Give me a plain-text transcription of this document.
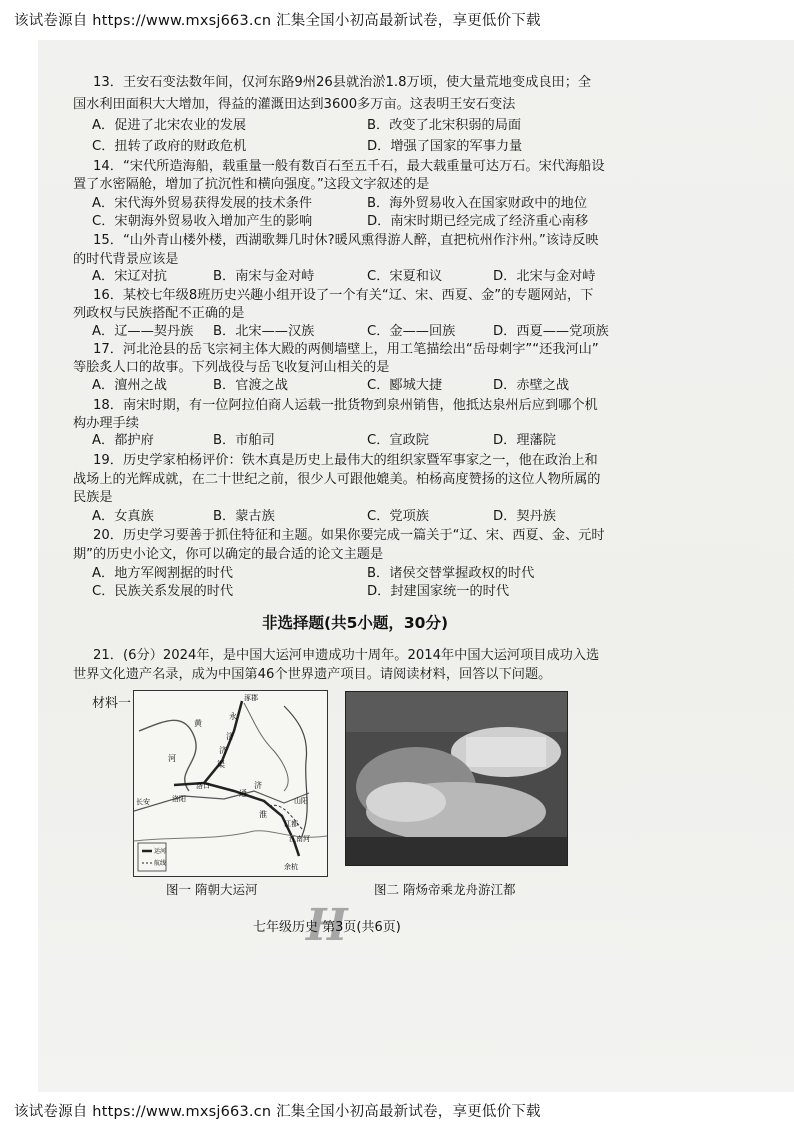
该试卷源自 https://www.mxsj663.cn 汇集全国小初高最新试卷，享更低价下载
13．王安石变法数年间，仅河东路9州26县就治淤1.8万顷，使大量荒地变成良田；全
国水利田面积大大增加，得益的灌溉田达到3600多万亩。这表明王安石变法
A．促进了北宋农业的发展	B．改变了北宋积弱的局面
C．扭转了政府的财政危机	D．增强了国家的军事力量
14．“宋代所造海船，载重量一般有数百石至五千石，最大载重量可达万石。宋代海船设
置了水密隔舱，增加了抗沉性和横向强度。”这段文字叙述的是
A．宋代海外贸易获得发展的技术条件	B．海外贸易收入在国家财政中的地位
C．宋朝海外贸易收入增加产生的影响	D．南宋时期已经完成了经济重心南移
15．“山外青山楼外楼，西湖歌舞几时休?暖风熏得游人醉，直把杭州作汴州。”该诗反映
的时代背景应该是
A．宋辽对抗	B．南宋与金对峙	C．宋夏和议	D．北宋与金对峙
16．某校七年级8班历史兴趣小组开设了一个有关“辽、宋、西夏、金”的专题网站，下
列政权与民族搭配不正确的是
A．辽——契丹族 B．北宋——汉族	C．金——回族	D．西夏——党项族
17．河北沧县的岳飞宗祠主体大殿的两侧墙壁上，用工笔描绘出“岳母刺字”“还我河山”
等脍炙人口的故事。下列战役与岳飞收复河山相关的是
A．澶州之战	B．官渡之战	C．郾城大捷	D．赤壁之战
18．南宋时期，有一位阿拉伯商人运载一批货物到泉州销售，他抵达泉州后应到哪个机
构办理手续
A．都护府	B．市舶司	C．宣政院	D．理藩院
19．历史学家柏杨评价：铁木真是历史上最伟大的组织家暨军事家之一，他在政治上和
战场上的光辉成就，在二十世纪之前，很少人可跟他媲美。柏杨高度赞扬的这位人物所属的
民族是
A．女真族	B．蒙古族	C．党项族	D．契丹族
20．历史学习要善于抓住特征和主题。如果你要完成一篇关于“辽、宋、西夏、金、元时
期”的历史小论文，你可以确定的最合适的论文主题是
A．地方军阀割据的时代	B．诸侯交替掌握政权的时代
C．民族关系发展的时代	D．封建国家统一的时代
非选择题(共5小题，30分)
21．(6分）2024年，是中国大运河申遗成功十周年。2014年中国大运河项目成功入选
世界文化遗产名录，成为中国第46个世界遗产项目。请阅读材料，回答以下问题。
材料一	涿郡
黄
永
济
河
济
渠
通
长安	洛阳
洛口	济
淮
山阳
江都
江南河
余杭
运河
航线
图一 隋朝大运河	图二 隋炀帝乘龙舟游江都
H
七年级历史 第3页(共6页)
该试卷源自 https://www.mxsj663.cn 汇集全国小初高最新试卷，享更低价下载
